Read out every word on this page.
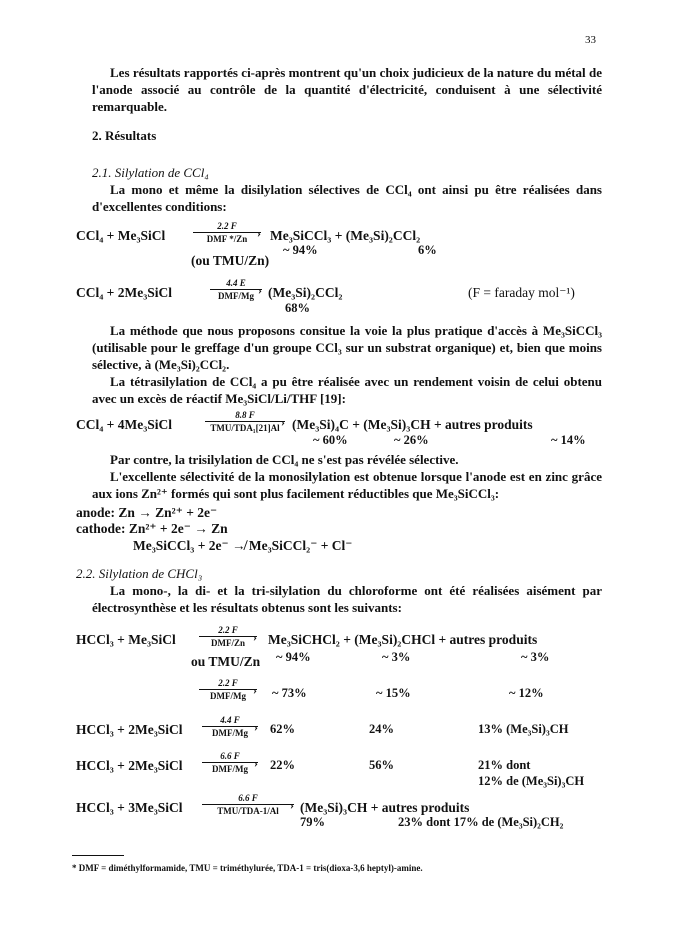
33
Les résultats rapportés ci-après montrent qu'un choix judicieux de la nature du métal de l'anode associé au contrôle de la quantité d'électricité, conduisent à une sélectivité remarquable.
2. Résultats
2.1. Silylation de CCl₄
La mono et même la disilylation sélectives de CCl₄ ont ainsi pu être réalisées dans d'excellentes conditions:
CCl₄ + Me₃SiCl
2.2 F
DMF */Zn › Me₃SiCCl₃ + (Me₃Si)₂CCl₂
~ 94%	6%
(ou TMU/Zn)
CCl₄ + 2Me₃SiCl
4.4 E
DMF/Mg › (Me₃Si)₂CCl₂
68%
(F = faraday mol⁻¹)
La méthode que nous proposons consitue la voie la plus pratique d'accès à Me₃SiCCl₃ (utilisable pour le greffage d'un groupe CCl₃ sur un substrat organique) et, bien que moins sélective, à (Me₃Si)₂CCl₂.
La tétrasilylation de CCl₄ a pu être réalisée avec un rendement voisin de celui obtenu avec un excès de réactif Me₃SiCl/Li/THF [19]:
CCl₄ + 4Me₃SiCl
8.8 F
TMU/TDA₁[21]Al › (Me₃Si)₄C + (Me₃Si)₃CH + autres produits
~ 60%	~ 26%	~ 14%
Par contre, la trisilylation de CCl₄ ne s'est pas révélée sélective.
L'excellente sélectivité de la monosilylation est obtenue lorsque l'anode est en zinc grâce aux ions Zn²⁺ formés qui sont plus facilement réductibles que Me₃SiCCl₃:
anode: Zn → Zn²⁺ + 2e⁻
cathode: Zn²⁺ + 2e⁻ → Zn
Me₃SiCCl₃ + 2e⁻ ↛ Me₃SiCCl₂⁻ + Cl⁻
2.2. Silylation de CHCl₃
La mono-, la di- et la tri-silylation du chloroforme ont été réalisées aisément par électrosynthèse et les résultats obtenus sont les suivants:
HCCl₃ + Me₃SiCl
2.2 F
DMF/Zn › Me₃SiCHCl₂ + (Me₃Si)₂CHCl + autres produits
ou TMU/Zn ~ 94%	~ 3%	~ 3%
2.2 F
DMF/Mg › ~ 73%	~ 15%	~ 12%
HCCl₃ + 2Me₃SiCl
4.4 F
DMF/Mg › 62%	24%	13% (Me₃Si)₃CH
HCCl₃ + 2Me₃SiCl
6.6 F
DMF/Mg › 22%	56%	21% dont
12% de (Me₃Si)₃CH
HCCl₃ + 3Me₃SiCl
6.6 F
TMU/TDA-1/Al › (Me₃Si)₃CH + autres produits
79%	23% dont 17% de (Me₃Si)₂CH₂
* DMF = diméthylformamide, TMU = triméthylurée, TDA-1 = tris(dioxa-3,6 heptyl)-amine.
